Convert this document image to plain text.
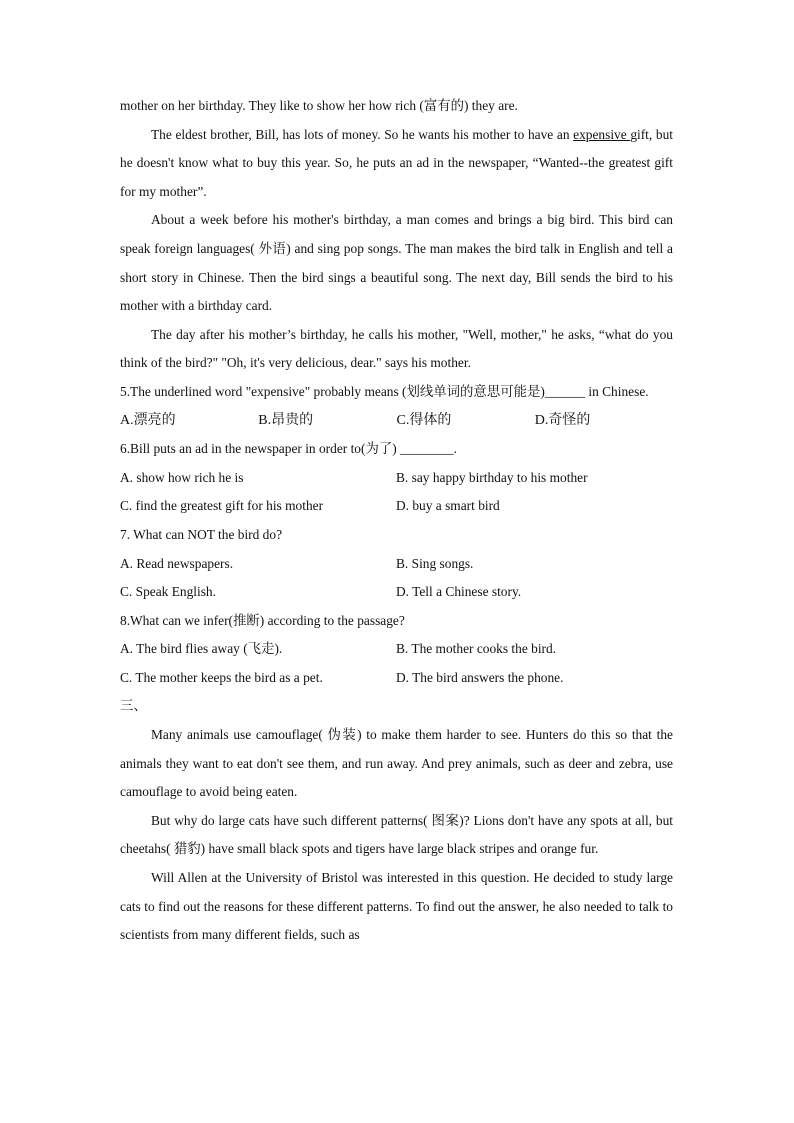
mother on her birthday. They like to show her how rich (富有的) they are.

The eldest brother, Bill, has lots of money. So he wants his mother to have an expensive gift, but he doesn't know what to buy this year. So, he puts an ad in the newspaper, “Wanted--the greatest gift for my mother”.

About a week before his mother's birthday, a man comes and brings a big bird. This bird can speak foreign languages( 外语) and sing pop songs. The man makes the bird talk in English and tell a short story in Chinese. Then the bird sings a beautiful song. The next day, Bill sends the bird to his mother with a birthday card.

The day after his mother’s birthday, he calls his mother, "Well, mother," he asks, “what do you think of the bird?" "Oh, it's very delicious, dear." says his mother.

5.The underlined word "expensive" probably means (划线单词的意思可能是)______ in Chinese.

A.漂亮的	B.昂贵的	C.得体的	D.奇怪的

6.Bill puts an ad in the newspaper in order to(为了) ________.

A. show how rich he is	B. say happy birthday to his mother
C. find the greatest gift for his mother	D. buy a smart bird

7. What can NOT the bird do?

A. Read newspapers.	B. Sing songs.
C. Speak English.	D. Tell a Chinese story.

8.What can we infer(推断) according to the passage?

A. The bird flies away (飞走).	B. The mother cooks the bird.
C. The mother keeps the bird as a pet.	D. The bird answers the phone.

三、

Many animals use camouflage( 伪装) to make them harder to see. Hunters do this so that the animals they want to eat don't see them, and run away. And prey animals, such as deer and zebra, use camouflage to avoid being eaten.

But why do large cats have such different patterns( 图案)? Lions don't have any spots at all, but cheetahs( 猎豹) have small black spots and tigers have large black stripes and orange fur.

Will Allen at the University of Bristol was interested in this question. He decided to study large cats to find out the reasons for these different patterns. To find out the answer, he also needed to talk to scientists from many different fields, such as
